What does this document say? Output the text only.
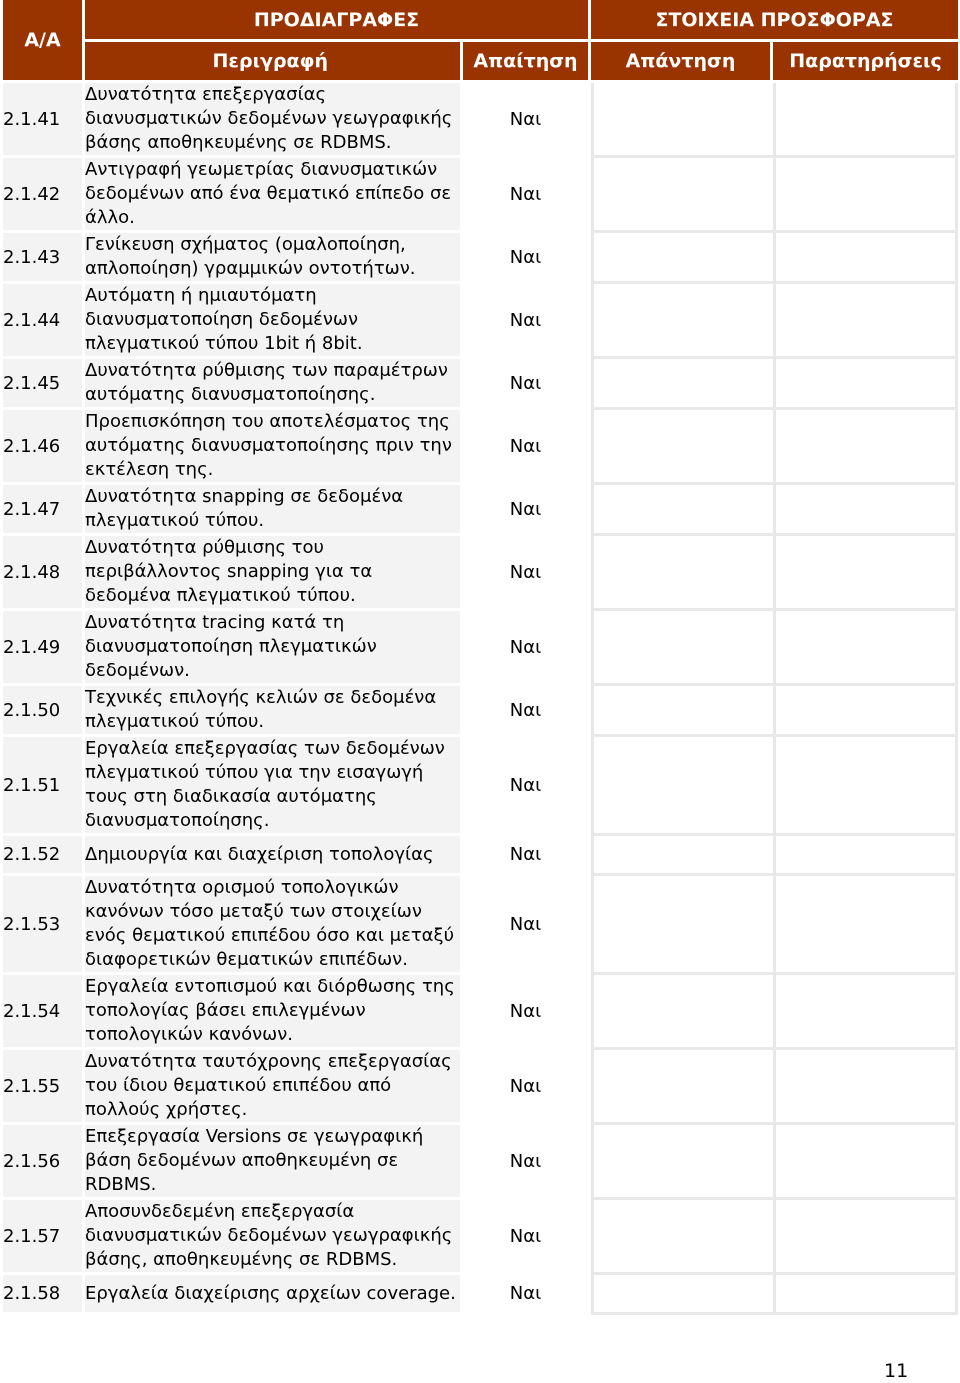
Α/Α	ΠΡΟΔΙΑΓΡΑΦΕΣ		ΣΤΟΙΧΕΙΑ ΠΡΟΣΦΟΡΑΣ	
	Περιγραφή	Απαίτηση	Απάντηση	Παρατηρήσεις
2.1.41	Δυνατότητα επεξεργασίας διανυσματικών δεδομένων γεωγραφικής βάσης αποθηκευμένης σε RDBMS.	Ναι		
2.1.42	Αντιγραφή γεωμετρίας διανυσματικών δεδομένων από ένα θεματικό επίπεδο σε άλλο.	Ναι		
2.1.43	Γενίκευση σχήματος (ομαλοποίηση, απλοποίηση) γραμμικών οντοτήτων.	Ναι		
2.1.44	Αυτόματη ή ημιαυτόματη διανυσματοποίηση δεδομένων πλεγματικού τύπου 1bit ή 8bit.	Ναι		
2.1.45	Δυνατότητα ρύθμισης των παραμέτρων αυτόματης διανυσματοποίησης.	Ναι		
2.1.46	Προεπισκόπηση του αποτελέσματος της αυτόματης διανυσματοποίησης πριν την εκτέλεση της.	Ναι		
2.1.47	Δυνατότητα snapping σε δεδομένα πλεγματικού τύπου.	Ναι		
2.1.48	Δυνατότητα ρύθμισης του περιβάλλοντος snapping για τα δεδομένα πλεγματικού τύπου.	Ναι		
2.1.49	Δυνατότητα tracing κατά τη διανυσματοποίηση πλεγματικών δεδομένων.	Ναι		
2.1.50	Τεχνικές επιλογής κελιών σε δεδομένα πλεγματικού τύπου.	Ναι		
2.1.51	Εργαλεία επεξεργασίας των δεδομένων πλεγματικού τύπου για την εισαγωγή τους στη διαδικασία αυτόματης διανυσματοποίησης.	Ναι		
2.1.52	Δημιουργία και διαχείριση τοπολογίας	Ναι		
2.1.53	Δυνατότητα ορισμού τοπολογικών κανόνων τόσο μεταξύ των στοιχείων ενός θεματικού επιπέδου όσο και μεταξύ διαφορετικών θεματικών επιπέδων.	Ναι		
2.1.54	Εργαλεία εντοπισμού και διόρθωσης της τοπολογίας βάσει επιλεγμένων τοπολογικών κανόνων.	Ναι		
2.1.55	Δυνατότητα ταυτόχρονης επεξεργασίας του ίδιου θεματικού επιπέδου από πολλούς χρήστες.	Ναι		
2.1.56	Επεξεργασία Versions σε γεωγραφική βάση δεδομένων αποθηκευμένη σε RDBMS.	Ναι		
2.1.57	Αποσυνδεδεμένη επεξεργασία διανυσματικών δεδομένων γεωγραφικής βάσης, αποθηκευμένης σε RDBMS.	Ναι		
2.1.58	Εργαλεία διαχείρισης αρχείων coverage.	Ναι		
11
